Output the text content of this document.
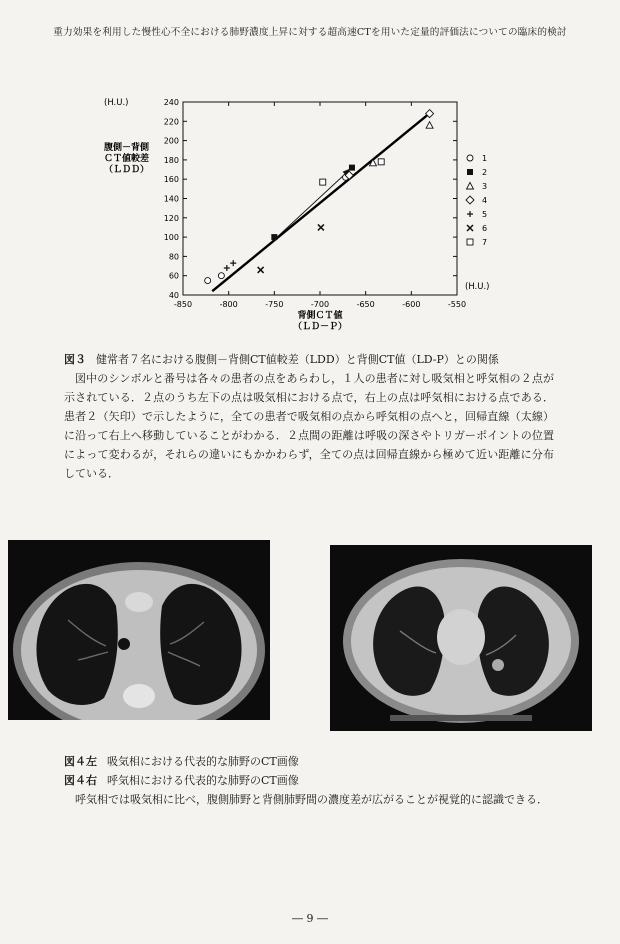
重力効果を利用した慢性心不全における肺野濃度上昇に対する超高速CTを用いた定量的評価法についての臨床的検討
40
60
80
100
120
140
160
180
200
220
240
-850	-800	-750	-700	-650	-600	-550
(H.U.)
腹側－背側
ＣＴ値較差
（ＬＤＤ）
(H.U.)
背側ＣＴ値
（ＬＤ－Ｐ）
1
2
3
4
5
6
7
図３ 健常者７名における腹側－背側CT値較差（LDD）と背側CT値（LD-P）との関係

図中のシンボルと番号は各々の患者の点をあらわし，１人の患者に対し吸気相と呼気相の２点が示されている．２点のうち左下の点は吸気相における点で，右上の点は呼気相における点である．患者２（矢印）で示したように，全ての患者で吸気相の点から呼気相の点へと，回帰直線（太線）に沿って右上へ移動していることがわかる．２点間の距離は呼吸の深さやトリガーポイントの位置によって変わるが，それらの違いにもかかわらず，全ての点は回帰直線から極めて近い距離に分布している．

図４左 吸気相における代表的な肺野のCT画像
図４右 呼気相における代表的な肺野のCT画像

呼気相では吸気相に比べ，腹側肺野と背側肺野間の濃度差が広がることが視覚的に認識できる．

― 9 ―
